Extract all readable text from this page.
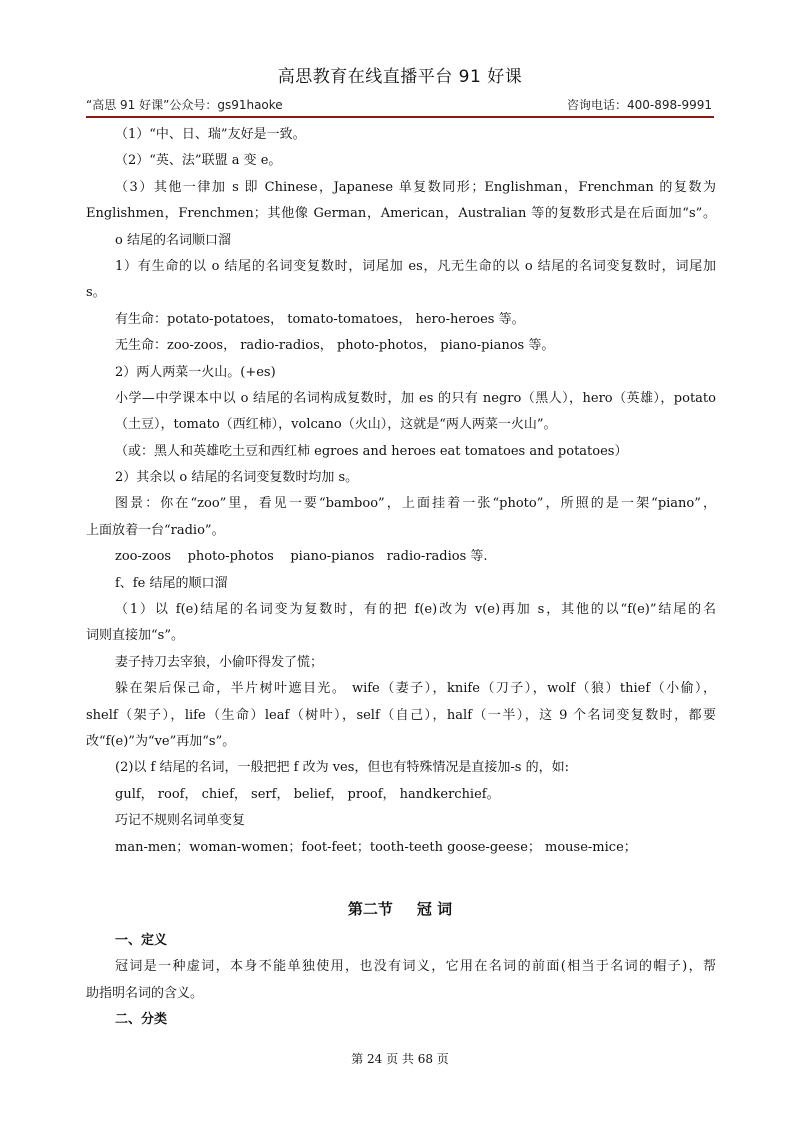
高思教育在线直播平台 91 好课
“高思 91 好课”公众号：gs91haoke	咨询电话：400-898-9991
（1）“中、日、瑞”友好是一致。
（2）“英、法”联盟 a 变 e。
（3）其他一律加 s 即 Chinese，Japanese 单复数同形；Englishman，Frenchman 的复数为
Englishmen，Frenchmen；其他像 German，American，Australian 等的复数形式是在后面加“s”。
o 结尾的名词顺口溜
1）有生命的以 o 结尾的名词变复数时，词尾加 es，凡无生命的以 o 结尾的名词变复数时，词尾加
s。
有生命：potato-potatoes， tomato-tomatoes， hero-heroes 等。
无生命：zoo-zoos， radio-radios， photo-photos， piano-pianos 等。
2）两人两菜一火山。(+es)
小学—中学课本中以 o 结尾的名词构成复数时，加 es 的只有 negro（黑人），hero（英雄），potato
（土豆），tomato（西红柿），volcano（火山），这就是“两人两菜一火山”。
（或：黑人和英雄吃土豆和西红柿 egroes and heroes eat tomatoes and potatoes）
2）其余以 o 结尾的名词变复数时均加 s。
图景：你在“zoo”里，看见一要“bamboo”，上面挂着一张“photo”，所照的是一架“piano”，
上面放着一台“radio”。
zoo-zoos    photo-photos    piano-pianos   radio-radios 等.
f、fe 结尾的顺口溜
（1）以 f(e)结尾的名词变为复数时，有的把 f(e)改为 v(e)再加 s，其他的以“f(e)”结尾的名
词则直接加“s”。
妻子持刀去宰狼，小偷吓得发了慌；
躲在架后保己命，半片树叶遮目光。 wife（妻子），knife（刀子），wolf（狼）thief（小偷），
shelf（架子），life（生命）leaf（树叶），self（自己），half（一半），这 9 个名词变复数时，都要
改“f(e)”为“ve”再加“s”。
(2)以 f 结尾的名词，一般把把 f 改为 ves，但也有特殊情况是直接加-s 的，如:
gulf， roof， chief， serf， belief， proof， handkerchief。
巧记不规则名词单变复
man-men；woman-women；foot-feet；tooth-teeth goose-geese； mouse-mice；
第二节 冠 词
一、定义
冠词是一种虚词，本身不能单独使用，也没有词义，它用在名词的前面(相当于名词的帽子)，帮
助指明名词的含义。
二、分类
第 24 页 共 68 页
